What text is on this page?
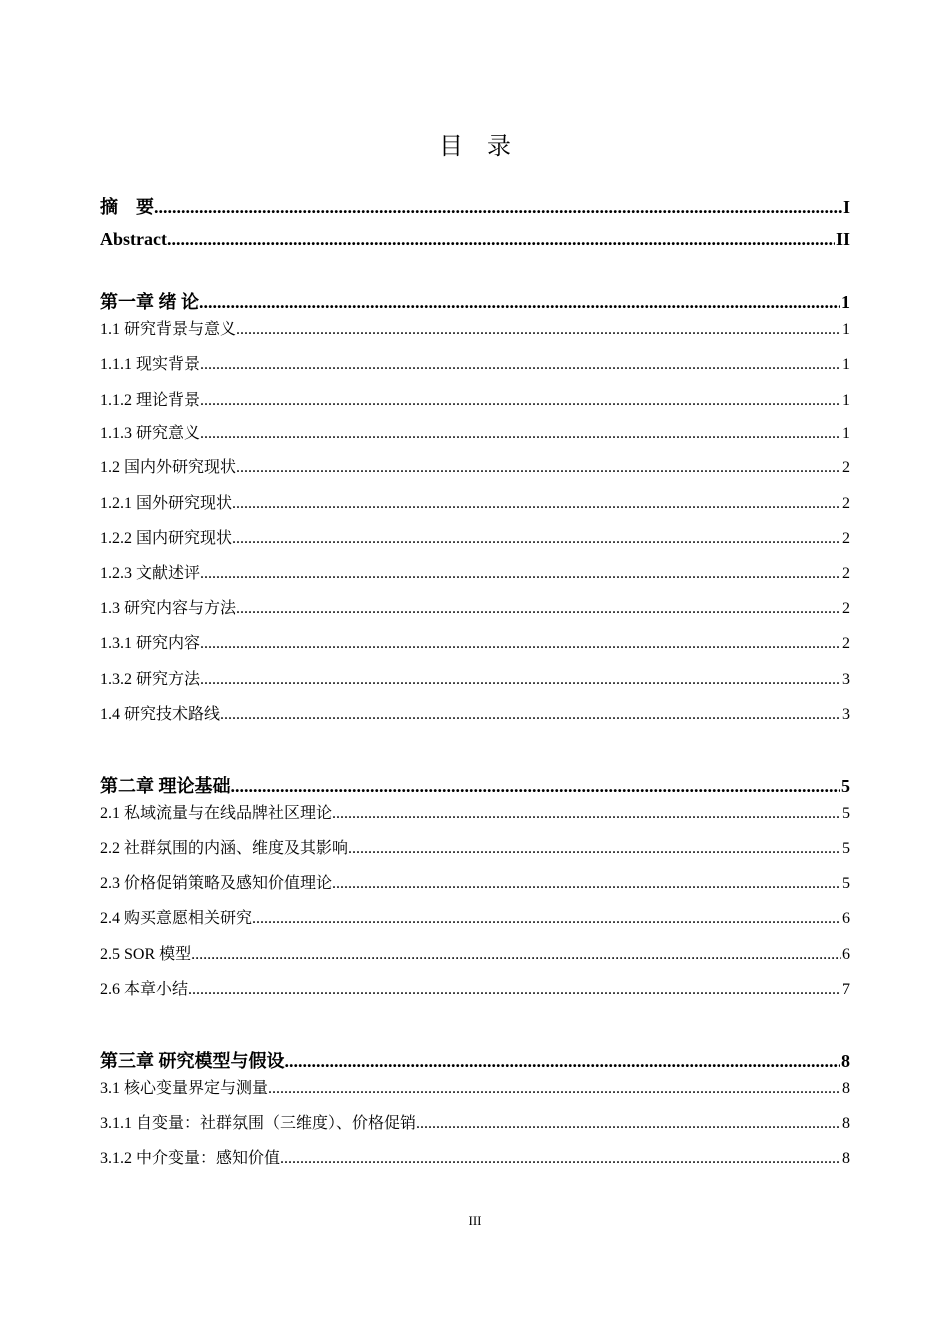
目　录
摘　要 .....	I
Abstract .....	II
第一章 绪 论 .....	1
1.1 研究背景与意义 .....	1
1.1.1 现实背景 .....	1
1.1.2 理论背景 .....	1
1.1.3 研究意义 .....	1
1.2 国内外研究现状 .....	2
1.2.1 国外研究现状 .....	2
1.2.2 国内研究现状 .....	2
1.2.3 文献述评 .....	2
1.3 研究内容与方法 .....	2
1.3.1 研究内容 .....	2
1.3.2 研究方法 .....	3
1.4 研究技术路线 .....	3
第二章 理论基础 .....	5
2.1 私域流量与在线品牌社区理论 .....	5
2.2 社群氛围的内涵、维度及其影响 .....	5
2.3 价格促销策略及感知价值理论 .....	5
2.4 购买意愿相关研究 .....	6
2.5 SOR 模型 .....	6
2.6 本章小结 .....	7
第三章 研究模型与假设 .....	8
3.1 核心变量界定与测量 .....	8
3.1.1 自变量：社群氛围（三维度）、价格促销 .....	8
3.1.2 中介变量：感知价值 .....	8
III
